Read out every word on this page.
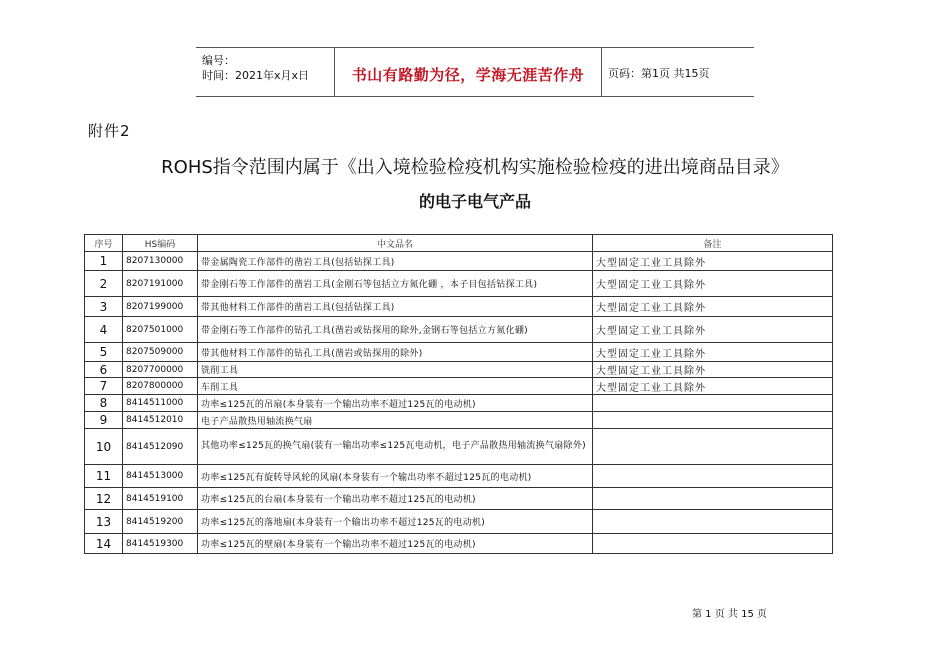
编号：
时间：2021年x月x日	书山有路勤为径，学海无涯苦作舟	页码：第1页 共15页
附件2
ROHS指令范围内属于《出入境检验检疫机构实施检验检疫的进出境商品目录》
的电子电气产品
序号	HS编码	中文品名	备注
1	8207130000	带金属陶瓷工作部件的凿岩工具(包括钻探工具)	大型固定工业工具除外
2	8207191000	带金刚石等工作部件的凿岩工具(金刚石等包括立方氮化硼 ，本子目包括钻探工具)	大型固定工业工具除外
3	8207199000	带其他材料工作部件的凿岩工具(包括钻探工具)	大型固定工业工具除外
4	8207501000	带金刚石等工作部件的钻孔工具(凿岩或钻探用的除外,金钢石等包括立方氮化硼)	大型固定工业工具除外
5	8207509000	带其他材料工作部件的钻孔工具(凿岩或钻探用的除外)	大型固定工业工具除外
6	8207700000	铣削工具	大型固定工业工具除外
7	8207800000	车削工具	大型固定工业工具除外
8	8414511000	功率≤125瓦的吊扇(本身装有一个输出功率不超过125瓦的电动机)	
9	8414512010	电子产品散热用轴流换气扇	
10	8414512090	其他功率≤125瓦的换气扇(装有一输出功率≤125瓦电动机，电子产品散热用轴流换气扇除外)	
11	8414513000	功率≤125瓦有旋转导风轮的风扇(本身装有一个输出功率不超过125瓦的电动机)	
12	8414519100	功率≤125瓦的台扇(本身装有一个输出功率不超过125瓦的电动机)	
13	8414519200	功率≤125瓦的落地扇(本身装有一个输出功率不超过125瓦的电动机)	
14	8414519300	功率≤125瓦的壁扇(本身装有一个输出功率不超过125瓦的电动机)	
第 1 页 共 15 页
